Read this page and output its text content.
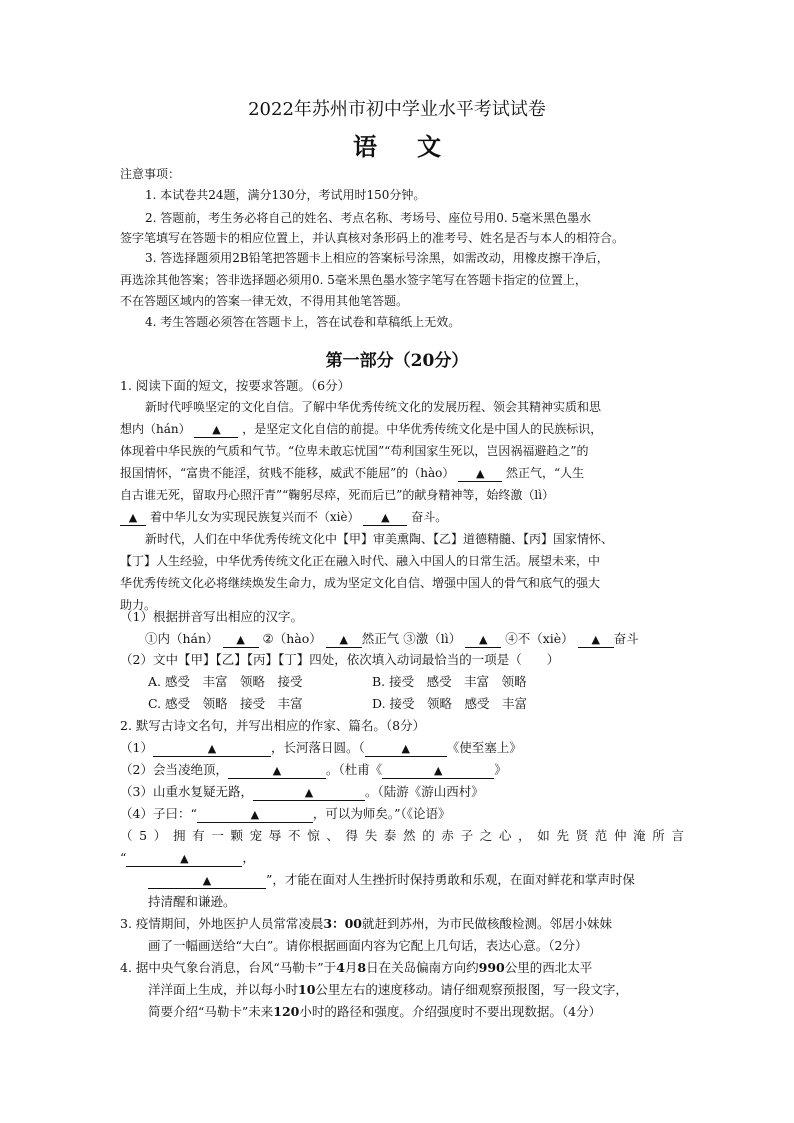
2022年苏州市初中学业水平考试试卷
语文
注意事项：
1. 本试卷共24题，满分130分，考试用时150分钟。
2. 答题前，考生务必将自己的姓名、考点名称、考场号、座位号用0. 5毫米黑色墨水
签字笔填写在答题卡的相应位置上，并认真核对条形码上的准考号、姓名是否与本人的相符合。
3. 答选择题须用2B铅笔把答题卡上相应的答案标号涂黑，如需改动，用橡皮擦干净后，
再选涂其他答案；答非选择题必须用0. 5毫米黑色墨水签字笔写在答题卡指定的位置上，
不在答题区域内的答案一律无效，不得用其他笔答题。
4. 考生答题必须答在答题卡上，答在试卷和草稿纸上无效。
第一部分（20分）
1. 阅读下面的短文，按要求答题。（6分）
新时代呼唤坚定的文化自信。了解中华优秀传统文化的发展历程、领会其精神实质和思
想内（hán） ▲ ，是坚定文化自信的前提。中华优秀传统文化是中国人的民族标识，
体现着中华民族的气质和气节。“位卑未敢忘忧国”“苟利国家生死以，岂因祸福避趋之”的
报国情怀，“富贵不能淫，贫贱不能移，威武不能屈”的（hào） ▲ 然正气，“人生
自古谁无死，留取丹心照汗青”“鞠躬尽瘁，死而后已”的献身精神等，始终激（lì）
▲ 着中华儿女为实现民族复兴而不（xiè） ▲ 奋斗。
新时代，人们在中华优秀传统文化中【甲】审美熏陶、【乙】道德精髓、【丙】国家情怀、
【丁】人生经验，中华优秀传统文化正在融入时代、融入中国人的日常生活。展望未来，中
华优秀传统文化必将继续焕发生命力，成为坚定文化自信、增强中国人的骨气和底气的强大
助力。
（1）根据拼音写出相应的汉字。
①内（hán） ▲ ②（hào） ▲ 然正气 ③激（lì） ▲ ④不（xiè） ▲ 奋斗
（2）文中【甲】【乙】【丙】【丁】四处，依次填入动词最恰当的一项是（　　）
A. 感受　丰富　领略　接受	B. 接受　感受　丰富　领略
C. 感受　领略　接受　丰富	D. 接受　领略　感受　丰富
2. 默写古诗文名句，并写出相应的作家、篇名。（8分）
（1）	▲	，长河落日圆。（	▲	《使至塞上》
（2）会当凌绝顶，	▲	。（杜甫《	▲	》
（3）山重水复疑无路，	▲	。（陆游《游山西村》
（4）子曰：“	▲	，可以为师矣。”（《论语》
（5）拥有一颗宠辱不惊、得失泰然的赤子之心，如先贤范仲淹所言
“	▲	，
▲	”，才能在面对人生挫折时保持勇敢和乐观，在面对鲜花和掌声时保
持清醒和谦逊。
3. 疫情期间，外地医护人员常常凌晨3：00就赶到苏州，为市民做核酸检测。邻居小妹妹
画了一幅画送给“大白”。请你根据画面内容为它配上几句话，表达心意。（2分）
4. 据中央气象台消息，台风“马勒卡”于4月8日在关岛偏南方向约990公里的西北太平
洋洋面上生成，并以每小时10公里左右的速度移动。请仔细观察预报图，写一段文字，
简要介绍“马勒卡”未来120小时的路径和强度。介绍强度时不要出现数据。（4分）
